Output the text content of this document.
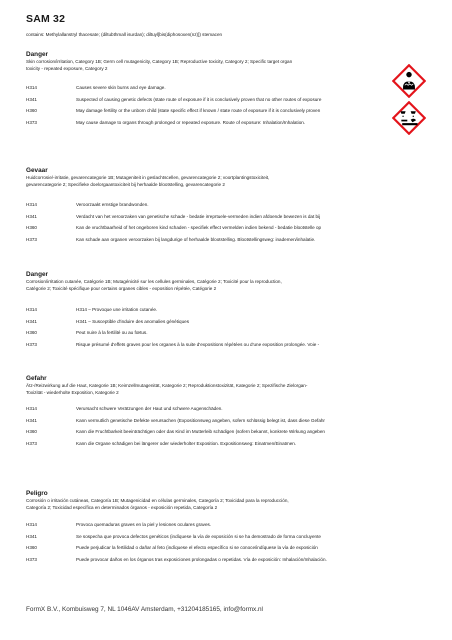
SAM 32
contains: Methylallanstryl thacesate; (diltubthmall isurdan); diltuyl[bis(diphosoxen(nz)]) stemacen
Danger
Skin corrosion/irritation, Category 1B; Germ cell mutagenicity, Category 1B; Reproductive toxicity, Category 2; Specific target organ
toxicity - repeated exposure, Category 2
H314	Causes severe skin burns and eye damage.
H341	Suspected of causing genetic defects (state route of exposure if it is conclusively proven that no other routes of exposure
H360	May damage fertility or the unborn child (state specific effect if known / state route of exposure if it is conclusively proven
H373	May cause damage to organs through prolonged or repeated exposure. Route of exposure: Inhalation/Inhalation.
Gevaar
Huidcorrosie/-irritatie, gevarencategorie 1B; Mutageniteit in geslachtscellen, gevarencategorie 2; voortplantingstoxiciteit,
gevarencategorie 2; Specifieke doelorgaantoxiciteit bij herhaalde blootstelling, gevarencategorie 2
H314	Veroorzaakt ernstige brandwonden.
H341	Verdacht van het veroorzaken van genetische schade - bedatie irreprtuele-vermeden indien afdoende bewezen is dat bij
H360	Kan de vruchtbaarheid of het ongeboren kind schaden - specifiek effect vermelden indien bekend - bedatie blootstelle op
H373	Kan schade aan organen veroorzaken bij langdurige of herhaalde blootstelling. Blootstellingsweg: inademen/inhalatie.
Danger
Corrosion/irritation cutanée, Catégorie 1B; Mutagénicité sur les cellules germinales, Catégorie 2; Toxicité pour la reproduction,
Catégorie 2; Toxicité spécifique pour certains organes cibles - exposition répétée, Catégorie 2
H314	H314 – Provoque une irritation cutanée.
H341	H341 – Susceptible d'induire des anomalies génétiques
H360	Peut nuire à la fertilité ou au fœtus.
H373	Risque présumé d'effets graves pour les organes à la suite d'expositions répétées ou d'une exposition prolongée. Voie -
Gefahr
Ätz-/Reizwirkung auf die Haut, Kategorie 1B; Keimzellmutagenität, Kategorie 2; Reproduktionstoxizität, Kategorie 2; Spezifische Zielorgan-
Toxizität - wiederholte Exposition, Kategorie 2
H314	Verursacht schwere Verätzungen der Haut und schwere Augenschäden.
H341	Kann vermutlich genetische Defekte verursachen (Expositionsweg angeben, sofern schlüssig belegt ist, dass diese Gefahr
H360	Kann die Fruchtbarkeit beeinträchtigen oder das Kind im Mutterleib schädigen (sofern bekannt, konkrete Wirkung angeben
H373	Kann die Organe schädigen bei längerer oder wiederholter Exposition. Expositionsweg: Einatmen/Einatmen.
Peligro
Corrosión o irritación cutáneas, Categoría 1B; Mutagenicidad en células germinales, Categoría 2; Toxicidad para la reproducción,
Categoría 2; Toxicidad específica en determinados órganos - exposición repetida, Categoría 2
H314	Provoca quemaduras graves en la piel y lesiones oculares graves.
H341	Se sospecha que provoca defectos genéticos (indíquese la vía de exposición si se ha demostrado de forma concluyente
H360	Puede perjudicar la fertilidad o dañar al feto (indíquese el efecto específico si se conoce/indíquese la vía de exposición
H373	Puede provocar daños en los órganos tras exposiciones prolongadas o repetidas. Vía de exposición: Inhalación/Inhalación.
FormX B.V., Kombuisweg 7, NL 1046AV Amsterdam, +31204185165, info@formx.nl
